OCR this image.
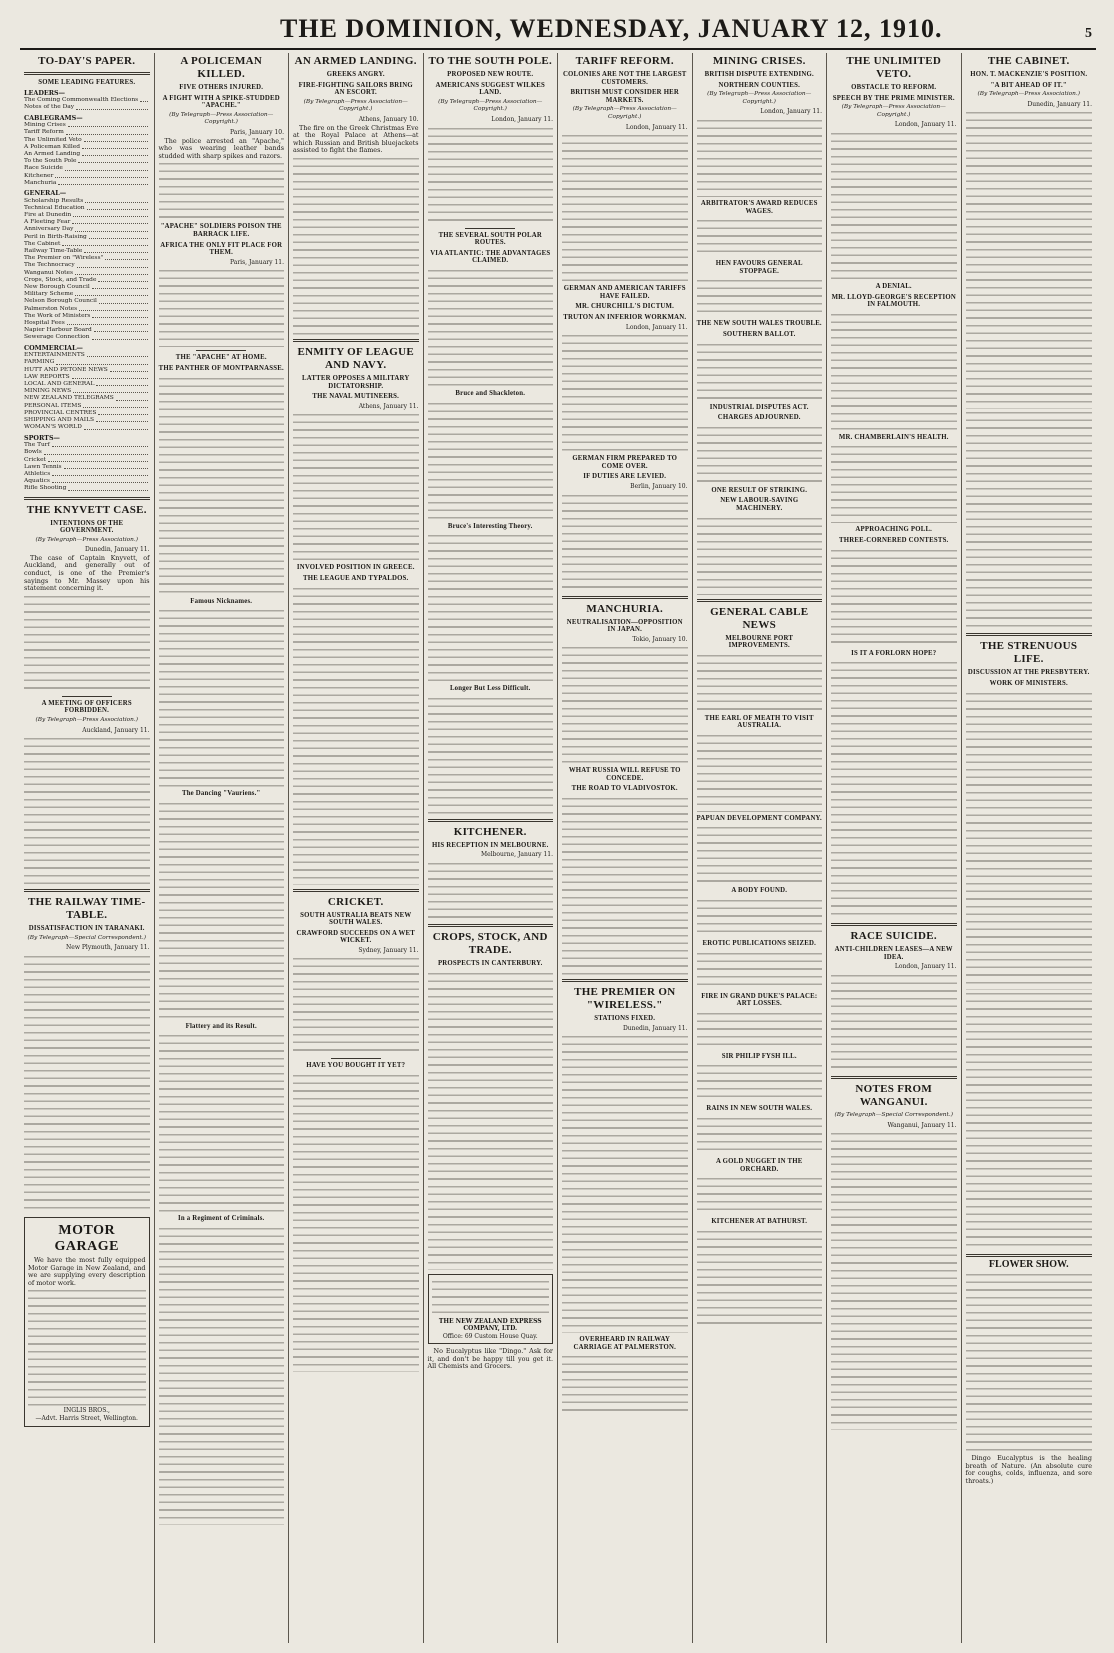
THE DOMINION, WEDNESDAY, JANUARY 12, 1910.	5
TO-DAY'S PAPER.
SOME LEADING FEATURES.
LEADERS—
The Coming Commonwealth Elections
Notes of the Day
CABLEGRAMS—
Mining Crises
Tariff Reform
The Unlimited Veto
A Policeman Killed
An Armed Landing
To the South Pole
Race Suicide
Kitchener
Manchuria
GENERAL—
Scholarship Results
Technical Education
Fire at Dunedin
A Fleeting Fear
Anniversary Day
Peril in Birth-Raising
The Cabinet
Railway Time-Table
The Premier on "Wireless"
The Technocracy
Wanganui Notes
Crops, Stock, and Trade
New Borough Council
Military Scheme
Nelson Borough Council
Palmerston Notes
The Work of Ministers
Hospital Fees
Napier Harbour Board
Sewerage Connection
COMMERCIAL—
ENTERTAINMENTS
FARMING
HUTT AND PETONE NEWS
LAW REPORTS
LOCAL AND GENERAL
MINING NEWS
NEW ZEALAND TELEGRAMS
PERSONAL ITEMS
PROVINCIAL CENTRES
SHIPPING AND MAILS
WOMAN'S WORLD
SPORTS—
The Turf
Bowls
Cricket
Lawn Tennis
Athletics
Aquatics
Rifle Shooting
THE KNYVETT CASE.
INTENTIONS OF THE GOVERNMENT.
(By Telegraph—Press Association.)
Dunedin, January 11.

The case of Captain Knyvett, of Auckland, and generally out of conduct, is one of the Premier's sayings to Mr. Massey upon his statement concerning it.

A MEETING OF OFFICERS FORBIDDEN.
(By Telegraph—Press Association.)
Auckland, January 11.
THE RAILWAY TIME-TABLE.
DISSATISFACTION IN TARANAKI.
(By Telegraph—Special Correspondent.)
New Plymouth, January 11.
MOTOR GARAGE

We have the most fully equipped Motor Garage in New Zealand, and we are supplying every description of motor work.

INGLIS BROS.,
—Advt. Harris Street, Wellington.
A POLICEMAN KILLED.
FIVE OTHERS INJURED.
A FIGHT WITH A SPIKE-STUDDED "APACHE."
(By Telegraph—Press Association—Copyright.)
Paris, January 10.

The police arrested an "Apache," who was wearing leather bands studded with sharp spikes and razors.

"APACHE" SOLDIERS POISON THE BARRACK LIFE.
AFRICA THE ONLY FIT PLACE FOR THEM.
Paris, January 11.
THE "APACHE" AT HOME.
THE PANTHER OF MONTPARNASSE.
Famous Nicknames.
The Dancing "Vauriens."
Flattery and its Result.
In a Regiment of Criminals.
AN ARMED LANDING.
GREEKS ANGRY.
FIRE-FIGHTING SAILORS BRING AN ESCORT.
(By Telegraph—Press Association—Copyright.)
Athens, January 10.

The fire on the Greek Christmas Eve at the Royal Palace at Athens—at which Russian and British bluejackets assisted to fight the flames.

ENMITY OF LEAGUE AND NAVY.
LATTER OPPOSES A MILITARY DICTATORSHIP.
THE NAVAL MUTINEERS.
Athens, January 11.
INVOLVED POSITION IN GREECE.
THE LEAGUE AND TYPALDOS.
CRICKET.
SOUTH AUSTRALIA BEATS NEW SOUTH WALES.
CRAWFORD SUCCEEDS ON A WET WICKET.
Sydney, January 11.
HAVE YOU BOUGHT IT YET?
TO THE SOUTH POLE.
PROPOSED NEW ROUTE.
AMERICANS SUGGEST WILKES LAND.
(By Telegraph—Press Association—Copyright.)
London, January 11.
THE SEVERAL SOUTH POLAR ROUTES.
VIA ATLANTIC: THE ADVANTAGES CLAIMED.
Bruce and Shackleton.
Bruce's Interesting Theory.
Longer But Less Difficult.
KITCHENER.
HIS RECEPTION IN MELBOURNE.
Melbourne, January 11.
CROPS, STOCK, AND TRADE.
PROSPECTS IN CANTERBURY.
THE NEW ZEALAND EXPRESS COMPANY, LTD.
Office: 69 Custom House Quay.

No Eucalyptus like "Dingo." Ask for it, and don't be happy till you get it. All Chemists and Grocers.

TARIFF REFORM.
COLONIES ARE NOT THE LARGEST CUSTOMERS.
BRITISH MUST CONSIDER HER MARKETS.
(By Telegraph—Press Association—Copyright.)
London, January 11.
GERMAN AND AMERICAN TARIFFS HAVE FAILED.
MR. CHURCHILL'S DICTUM.
TRUTON AN INFERIOR WORKMAN.
London, January 11.
GERMAN FIRM PREPARED TO COME OVER.
IF DUTIES ARE LEVIED.
Berlin, January 10.
MANCHURIA.
NEUTRALISATION—OPPOSITION IN JAPAN.
Tokio, January 10.
WHAT RUSSIA WILL REFUSE TO CONCEDE.
THE ROAD TO VLADIVOSTOK.
THE PREMIER ON "WIRELESS."
STATIONS FIXED.
Dunedin, January 11.
OVERHEARD IN RAILWAY CARRIAGE AT PALMERSTON.
MINING CRISES.
BRITISH DISPUTE EXTENDING.
NORTHERN COUNTIES.
(By Telegraph—Press Association—Copyright.)
London, January 11.
ARBITRATOR'S AWARD REDUCES WAGES.
HEN FAVOURS GENERAL STOPPAGE.
THE NEW SOUTH WALES TROUBLE.
SOUTHERN BALLOT.
INDUSTRIAL DISPUTES ACT.
CHARGES ADJOURNED.
ONE RESULT OF STRIKING.
NEW LABOUR-SAVING MACHINERY.
GENERAL CABLE NEWS
MELBOURNE PORT IMPROVEMENTS.
THE EARL OF MEATH TO VISIT AUSTRALIA.
PAPUAN DEVELOPMENT COMPANY.
A BODY FOUND.
EROTIC PUBLICATIONS SEIZED.
FIRE IN GRAND DUKE'S PALACE: ART LOSSES.
SIR PHILIP FYSH ILL.
RAINS IN NEW SOUTH WALES.
A GOLD NUGGET IN THE ORCHARD.
KITCHENER AT BATHURST.
THE UNLIMITED VETO.
OBSTACLE TO REFORM.
SPEECH BY THE PRIME MINISTER.
(By Telegraph—Press Association—Copyright.)
London, January 11.
A DENIAL.
MR. LLOYD-GEORGE'S RECEPTION IN FALMOUTH.
MR. CHAMBERLAIN'S HEALTH.
APPROACHING POLL.
THREE-CORNERED CONTESTS.
IS IT A FORLORN HOPE?
RACE SUICIDE.
ANTI-CHILDREN LEASES—A NEW IDEA.
London, January 11.
NOTES FROM WANGANUI.
(By Telegraph—Special Correspondent.)
Wanganui, January 11.
THE CABINET.
HON. T. MACKENZIE'S POSITION.
"A BIT AHEAD OF IT."
(By Telegraph—Press Association.)
Dunedin, January 11.
THE STRENUOUS LIFE.
DISCUSSION AT THE PRESBYTERY.
WORK OF MINISTERS.
FLOWER SHOW.

Dingo Eucalyptus is the healing breath of Nature. (An absolute cure for coughs, colds, influenza, and sore throats.)
